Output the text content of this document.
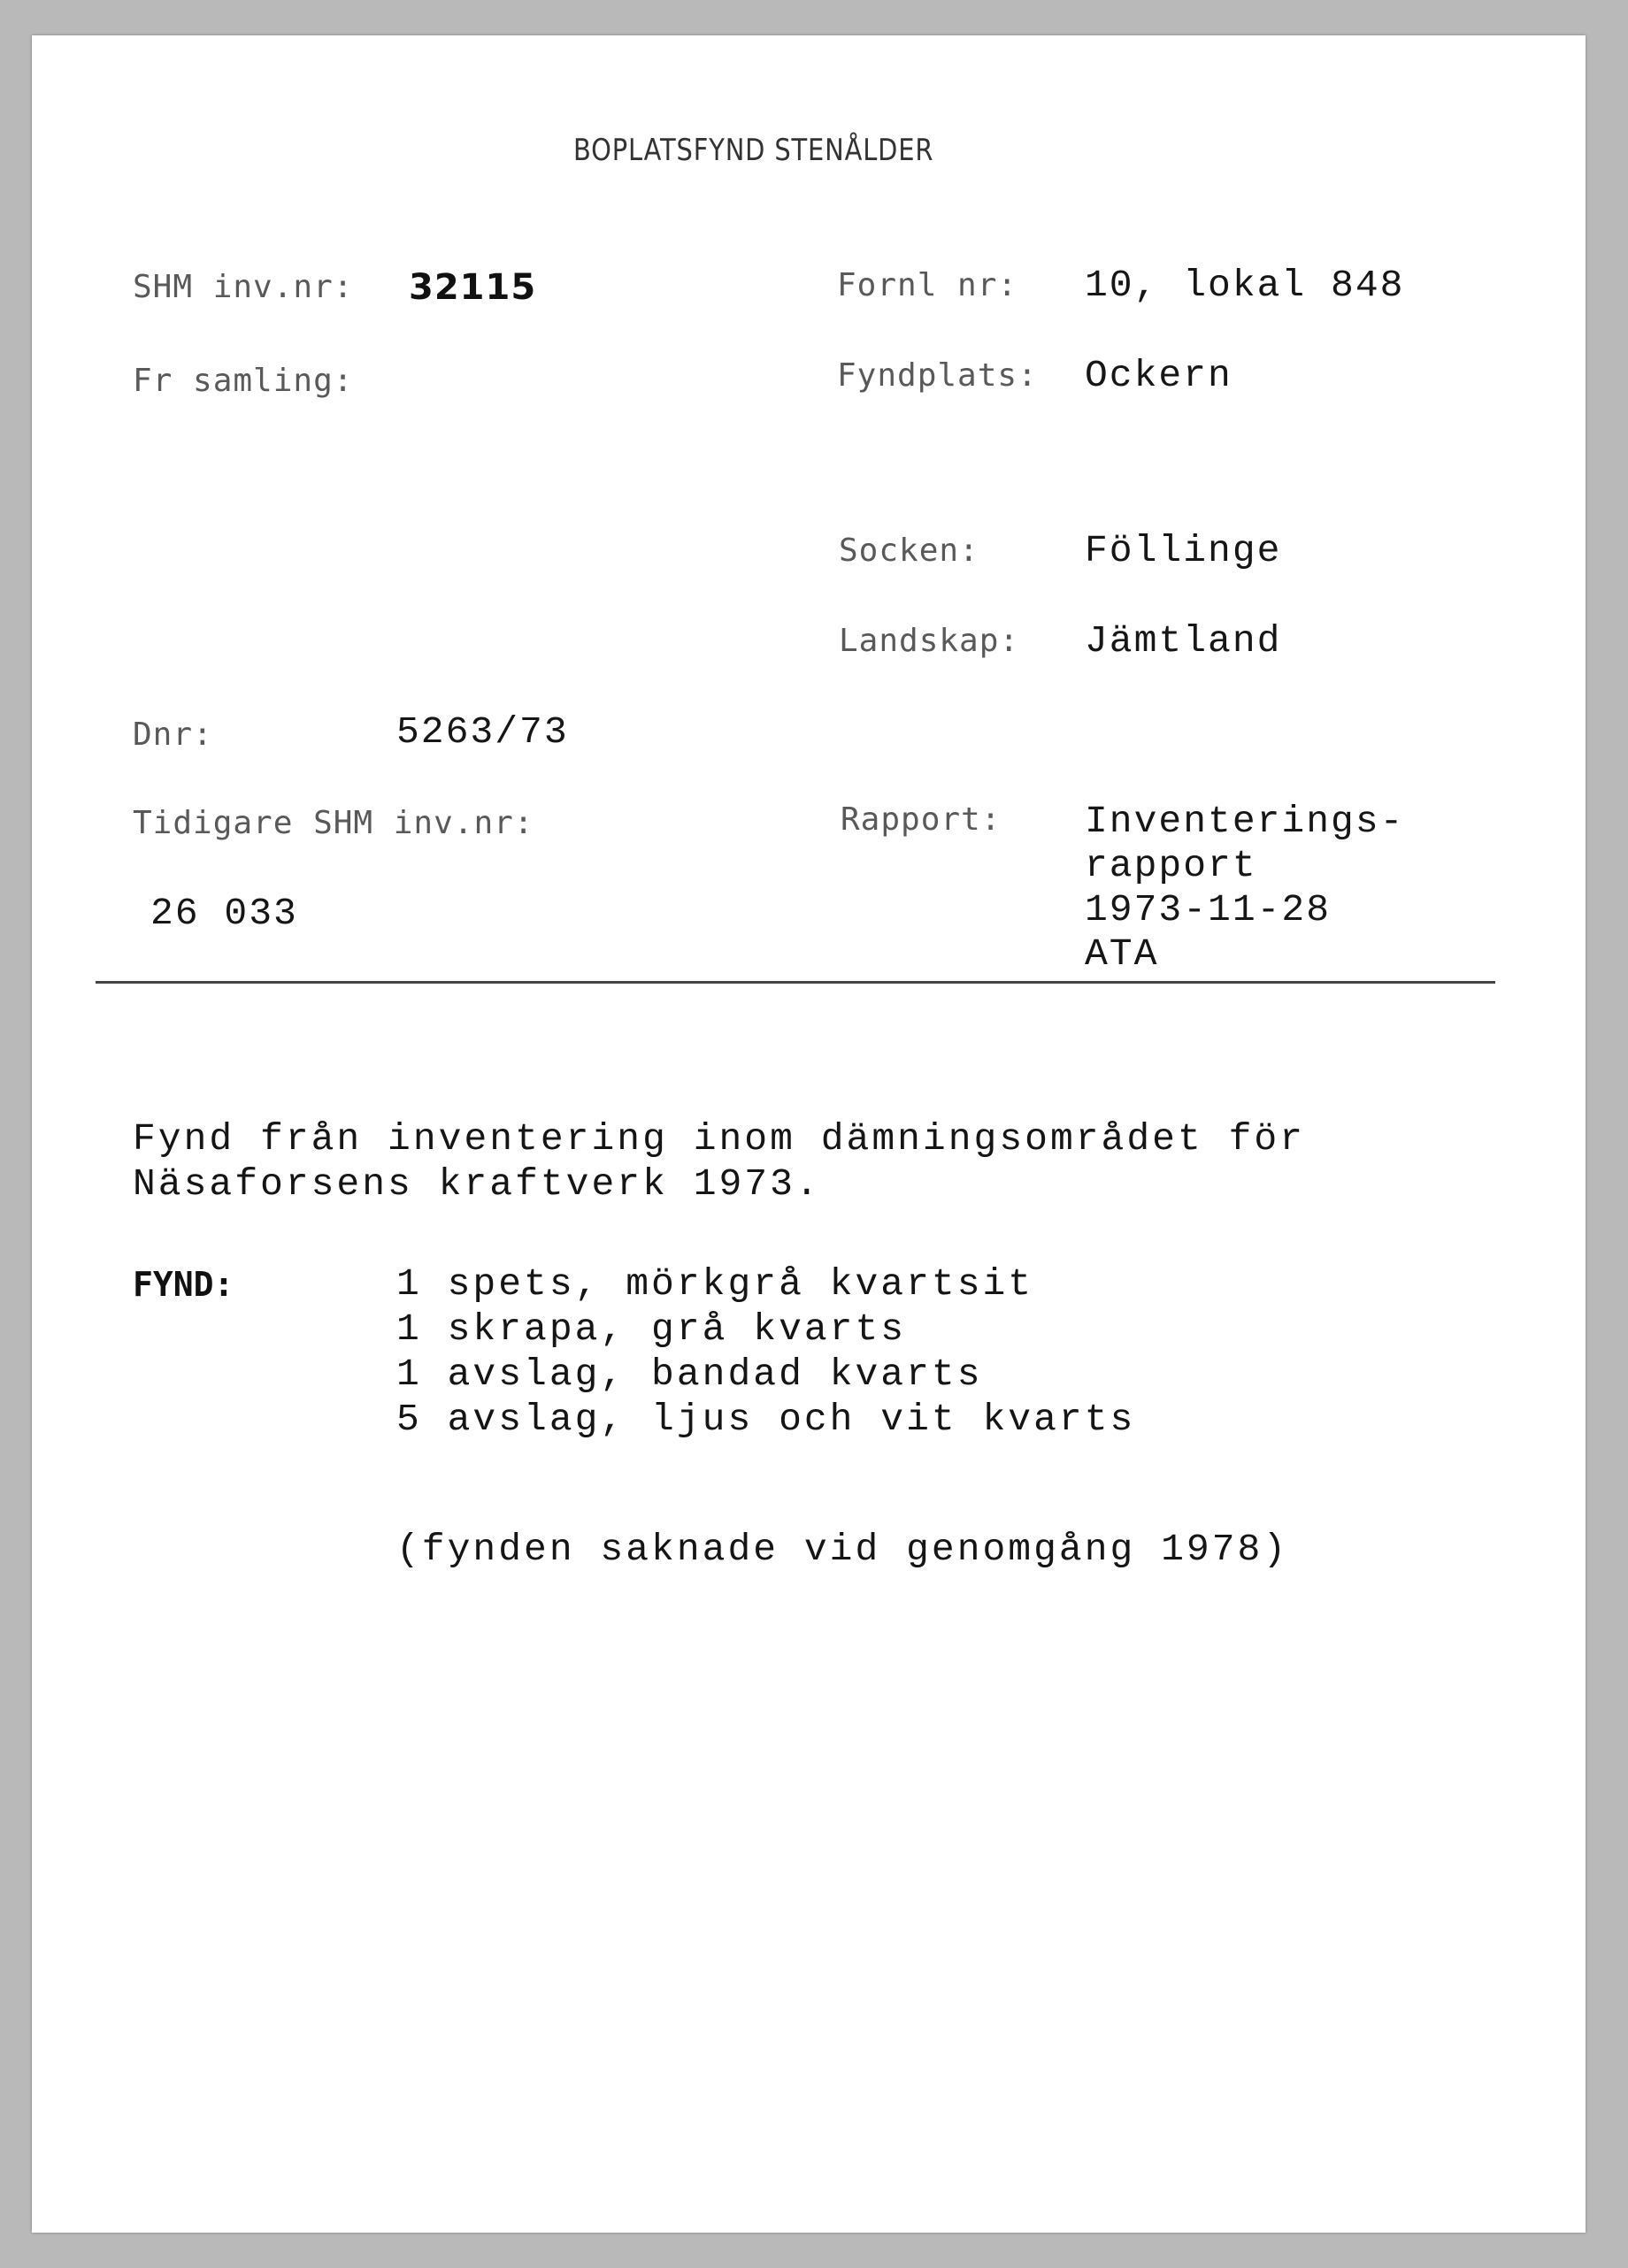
BOPLATSFYND STENÅLDER
SHM inv.nr: 32115	Fornl nr: 10, lokal 848
Fr samling:	Fyndplats: Ockern
Socken:	Föllinge
Landskap: Jämtland
Dnr:	5263/73
Tidigare SHM inv.nr:
26 033
Rapport: Inventerings-
rapport
1973-11-28
ATA
Fynd från inventering inom dämningsområdet för
Näsaforsens kraftverk 1973.
FYND:	1 spets, mörkgrå kvartsit
1 skrapa, grå kvarts
1 avslag, bandad kvarts
5 avslag, ljus och vit kvarts
(fynden saknade vid genomgång 1978)
